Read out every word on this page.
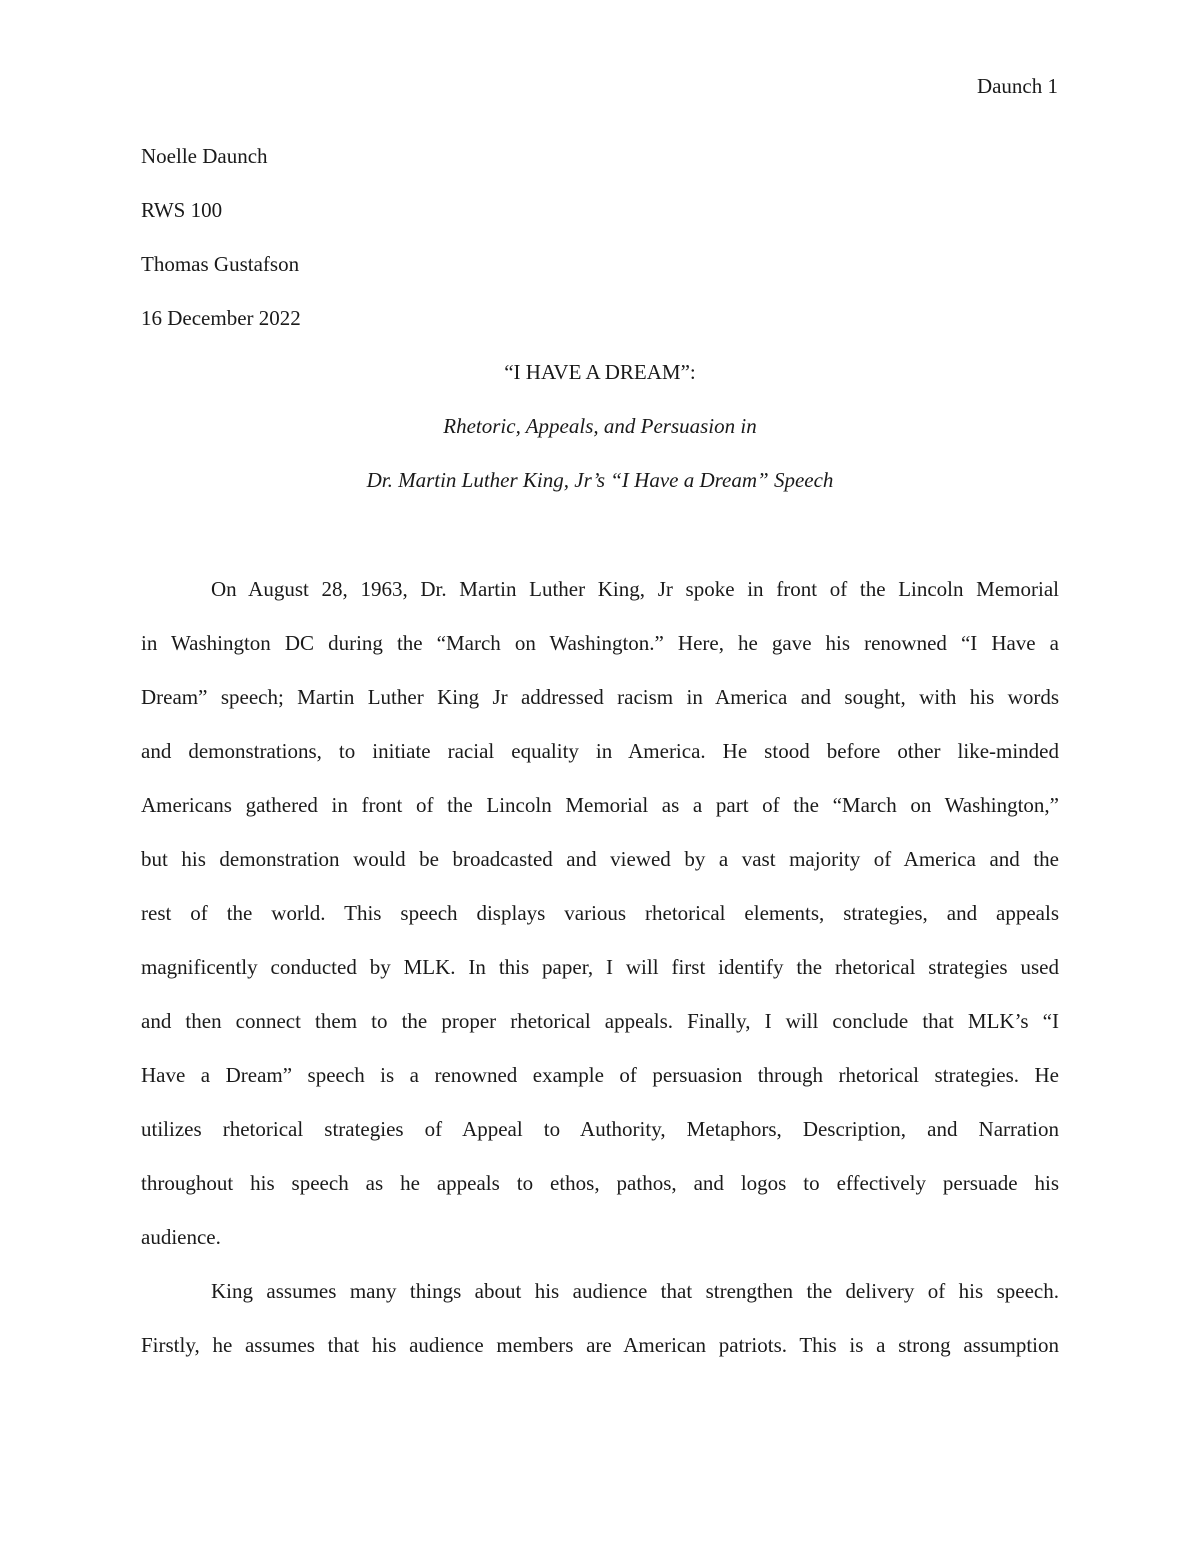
Daunch 1
Noelle Daunch
RWS 100
Thomas Gustafson
16 December 2022
“I HAVE A DREAM”:
Rhetoric, Appeals, and Persuasion in
Dr. Martin Luther King, Jr’s “I Have a Dream” Speech
On August 28, 1963, Dr. Martin Luther King, Jr spoke in front of the Lincoln Memorial
in Washington DC during the “March on Washington.” Here, he gave his renowned “I Have a
Dream” speech; Martin Luther King Jr addressed racism in America and sought, with his words
and demonstrations, to initiate racial equality in America. He stood before other like-minded
Americans gathered in front of the Lincoln Memorial as a part of the “March on Washington,”
but his demonstration would be broadcasted and viewed by a vast majority of America and the
rest of the world. This speech displays various rhetorical elements, strategies, and appeals
magnificently conducted by MLK. In this paper, I will first identify the rhetorical strategies used
and then connect them to the proper rhetorical appeals. Finally, I will conclude that MLK’s “I
Have a Dream” speech is a renowned example of persuasion through rhetorical strategies. He
utilizes rhetorical strategies of Appeal to Authority, Metaphors, Description, and Narration
throughout his speech as he appeals to ethos, pathos, and logos to effectively persuade his
audience.
King assumes many things about his audience that strengthen the delivery of his speech.
Firstly, he assumes that his audience members are American patriots. This is a strong assumption
